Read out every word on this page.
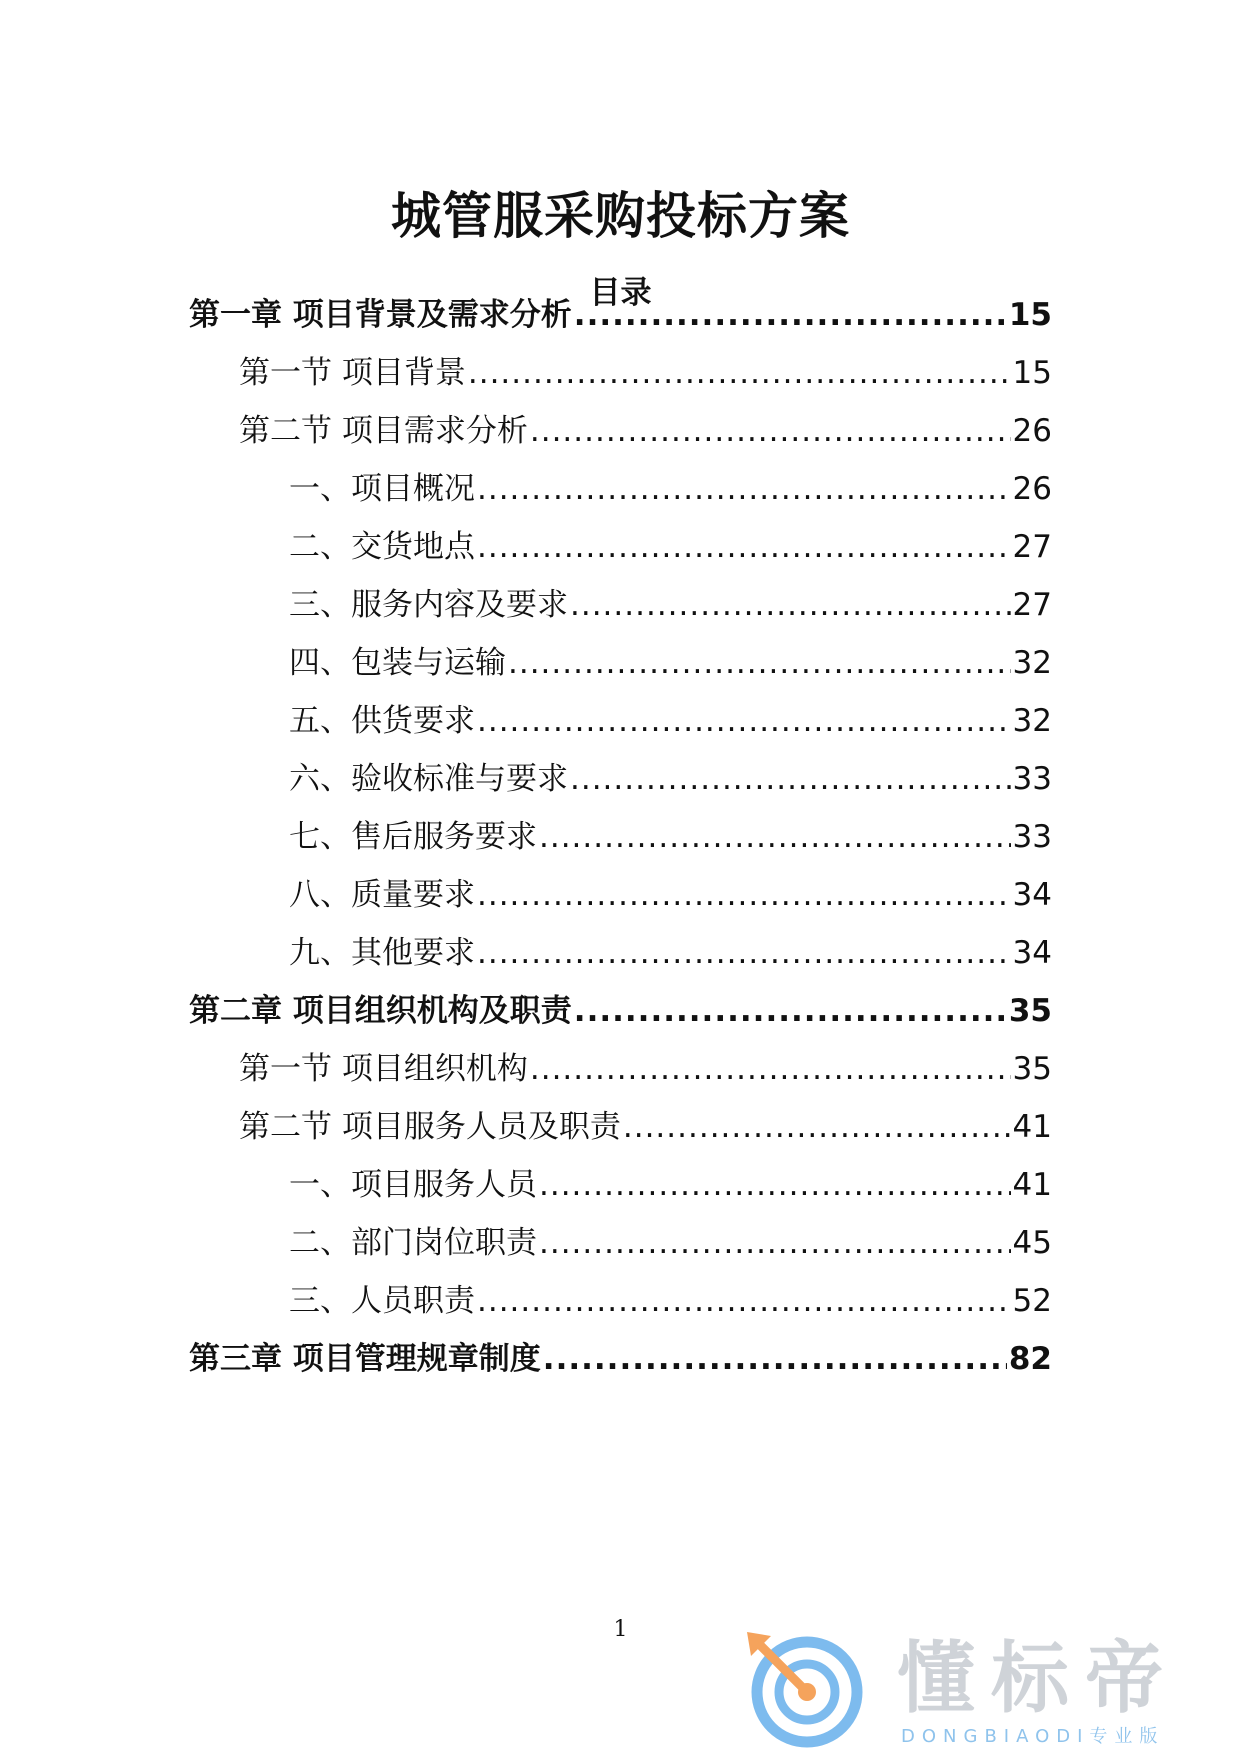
城管服采购投标方案
目录
第一章 项目背景及需求分析 .....	15
第一节 项目背景 .....	15
第二节 项目需求分析 .....	26
一、项目概况 .....	26
二、交货地点 .....	27
三、服务内容及要求 .....	27
四、包装与运输 .....	32
五、供货要求 .....	32
六、验收标准与要求 .....	33
七、售后服务要求 .....	33
八、质量要求 .....	34
九、其他要求 .....	34
第二章 项目组织机构及职责 .....	35
第一节 项目组织机构 .....	35
第二节 项目服务人员及职责 .....	41
一、项目服务人员 .....	41
二、部门岗位职责 .....	45
三、人员职责 .....	52
第三章 项目管理规章制度 .....	82
1
懂标帝
DONGBIAODI专业版
